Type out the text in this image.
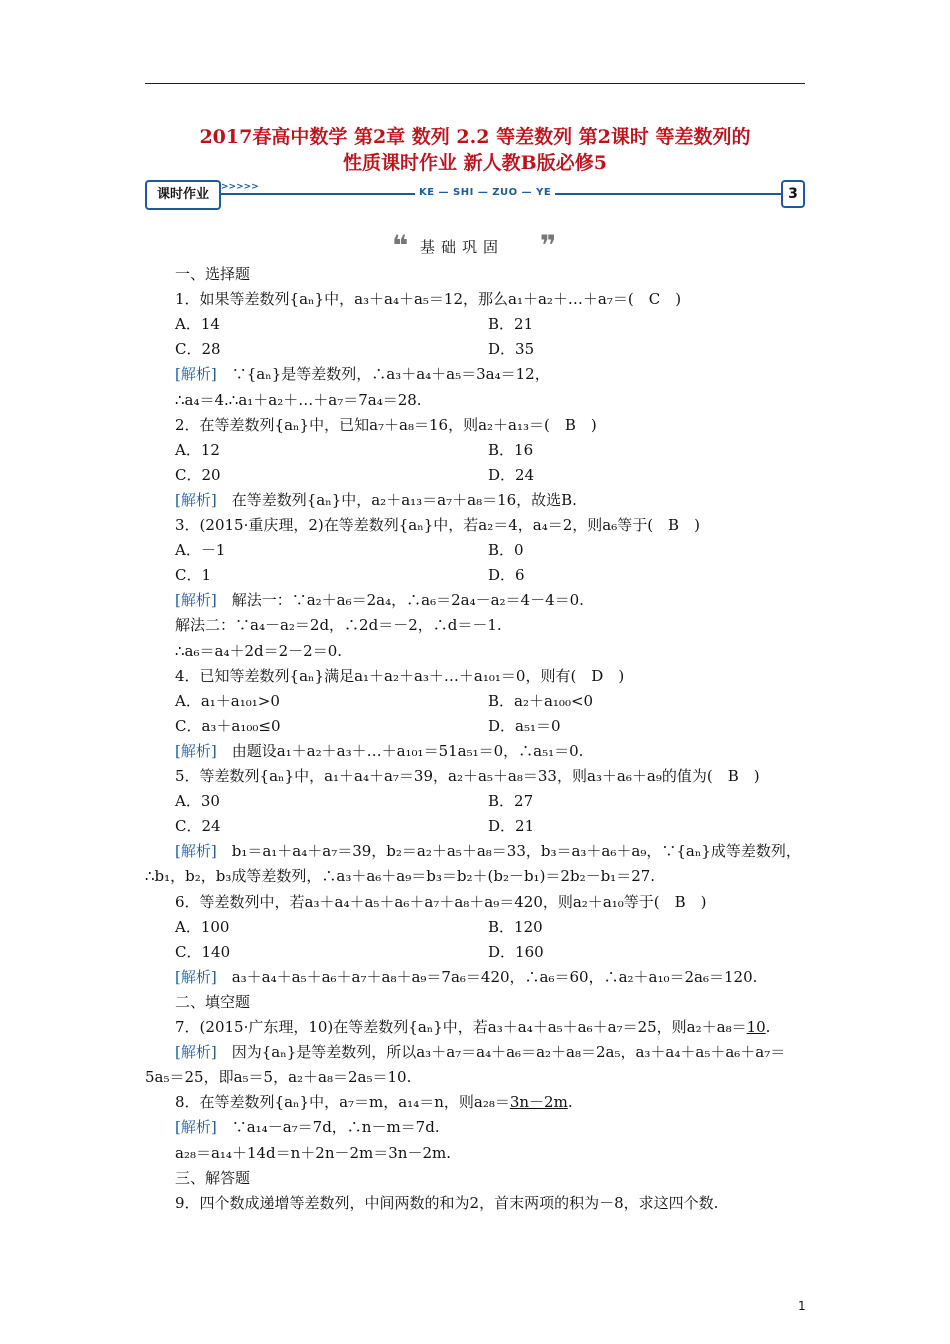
2017春高中数学 第2章 数列 2.2 等差数列 第2课时 等差数列的
性质课时作业 新人教B版必修5
课时作业	>>>>>	KE — SHI — ZUO — YE	3
❝ 基础巩固 ❞
一、选择题
1．如果等差数列{aₙ}中，a₃＋a₄＋a₅＝12，那么a₁＋a₂＋…＋a₇＝(　C　)
A．14	B．21
C．28	D．35
[解析]　∵{aₙ}是等差数列，∴a₃＋a₄＋a₅＝3a₄＝12，
∴a₄＝4.∴a₁＋a₂＋…＋a₇＝7a₄＝28.
2．在等差数列{aₙ}中，已知a₇＋a₈＝16，则a₂＋a₁₃＝(　B　)
A．12	B．16
C．20	D．24
[解析]　在等差数列{aₙ}中，a₂＋a₁₃＝a₇＋a₈＝16，故选B.
3．(2015·重庆理，2)在等差数列{aₙ}中，若a₂＝4，a₄＝2，则a₆等于(　B　)
A．－1	B．0
C．1	D．6
[解析]　解法一：∵a₂＋a₆＝2a₄，∴a₆＝2a₄－a₂＝4－4＝0.
解法二：∵a₄－a₂＝2d，∴2d＝－2，∴d＝－1.
∴a₆＝a₄＋2d＝2－2＝0.
4．已知等差数列{aₙ}满足a₁＋a₂＋a₃＋…＋a₁₀₁＝0，则有(　D　)
A．a₁＋a₁₀₁>0	B．a₂＋a₁₀₀<0
C．a₃＋a₁₀₀≤0	D．a₅₁＝0
[解析]　由题设a₁＋a₂＋a₃＋…＋a₁₀₁＝51a₅₁＝0，∴a₅₁＝0.
5．等差数列{aₙ}中，a₁＋a₄＋a₇＝39，a₂＋a₅＋a₈＝33，则a₃＋a₆＋a₉的值为(　B　)
A．30	B．27
C．24	D．21
[解析]　b₁＝a₁＋a₄＋a₇＝39，b₂＝a₂＋a₅＋a₈＝33，b₃＝a₃＋a₆＋a₉，∵{aₙ}成等差数列，
∴b₁，b₂，b₃成等差数列，∴a₃＋a₆＋a₉＝b₃＝b₂＋(b₂－b₁)＝2b₂－b₁＝27.
6．等差数列中，若a₃＋a₄＋a₅＋a₆＋a₇＋a₈＋a₉＝420，则a₂＋a₁₀等于(　B　)
A．100	B．120
C．140	D．160
[解析]　a₃＋a₄＋a₅＋a₆＋a₇＋a₈＋a₉＝7a₆＝420，∴a₆＝60，∴a₂＋a₁₀＝2a₆＝120.
二、填空题
7．(2015·广东理，10)在等差数列{aₙ}中，若a₃＋a₄＋a₅＋a₆＋a₇＝25，则a₂＋a₈＝10.
[解析]　因为{aₙ}是等差数列，所以a₃＋a₇＝a₄＋a₆＝a₂＋a₈＝2a₅，a₃＋a₄＋a₅＋a₆＋a₇＝
5a₅＝25，即a₅＝5，a₂＋a₈＝2a₅＝10.
8．在等差数列{aₙ}中，a₇＝m，a₁₄＝n，则a₂₈＝3n－2m.
[解析]　∵a₁₄－a₇＝7d，∴n－m＝7d.
a₂₈＝a₁₄＋14d＝n＋2n－2m＝3n－2m.
三、解答题
9．四个数成递增等差数列，中间两数的和为2，首末两项的积为－8，求这四个数.
1
